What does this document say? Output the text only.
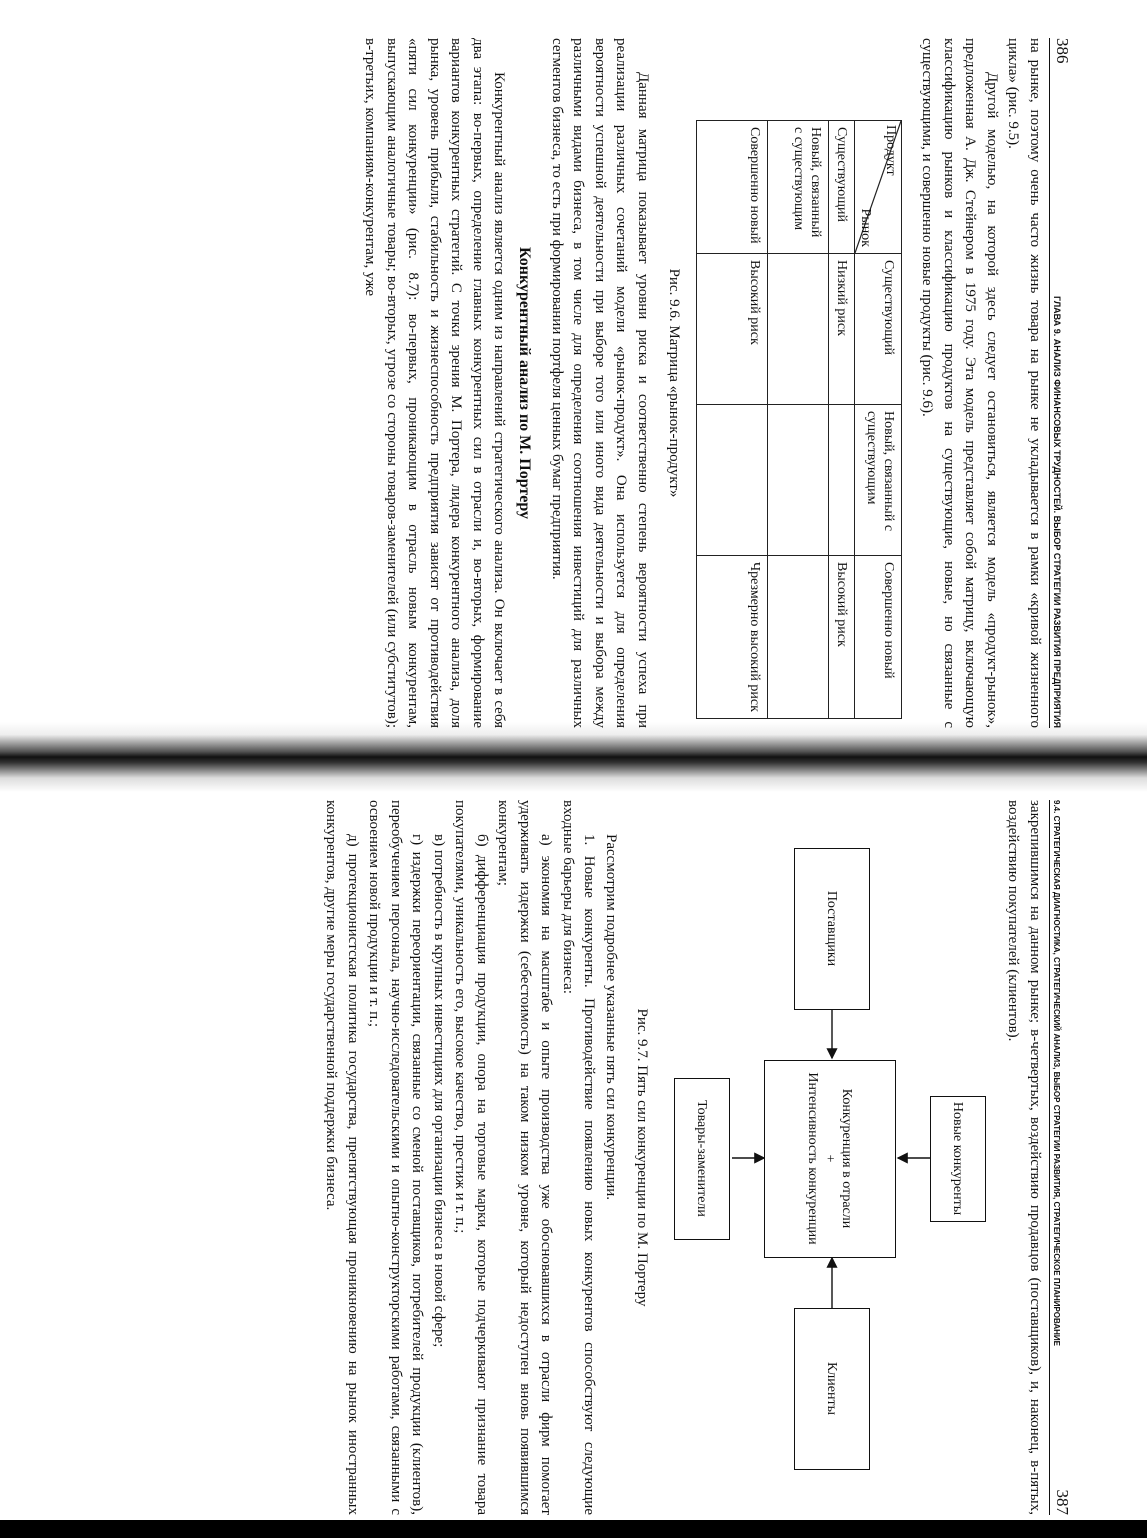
386
ГЛАВА 9. АНАЛИЗ ФИНАНСОВЫХ ТРУДНОСТЕЙ. ВЫБОР СТРАТЕГИИ РАЗВИТИЯ ПРЕДПРИЯТИЯ

на рынке, поэтому очень часто жизнь товара на рынке не укладывается в рамки «кривой жизненного цикла» (рис. 9.5).

Другой моделью, на которой здесь следует остановиться, является модель «продукт-рынок», предложенная А. Дж. Стейнером в 1975 году. Эта модель представляет собой матрицу, включающую классификацию рынков и классификацию продуктов на существующие, новые, но связанные с существующими, и совершенно новые продукты (рис. 9.6).

Продукт
Рынок	Существующий	Новый, связанный с существующим	Совершенно новый
Существующий	Низкий риск		Высокий риск
Новый, связанный с существующим			
Совершенно новый	Высокий риск		Чрезмерно высокий риск
Рис. 9.6. Матрица «рынок-продукт»

Данная матрица показывает уровни риска и соответственно степень вероятности успеха при реализации различных сочетаний модели «рынок-продукт». Она используется для определения вероятности успешной деятельности при выборе того или иного вида деятельности и выбора между различными видами бизнеса, в том числе для определения соотношения инвестиций для различных сегментов бизнеса, то есть при формировании портфеля ценных бумаг предприятия.

Конкурентный анализ по М. Портеру

Конкурентный анализ является одним из направлений стратегического анализа. Он включает в себя два этапа: во-первых, определение главных конкурентных сил в отрасли и, во-вторых, формирование вариантов конкурентных стратегий. С точки зрения М. Портера, лидера конкурентного анализа, доля рынка, уровень прибыли, стабильность и жизнеспособность предприятия зависят от противодействия «пяти сил конкуренции» (рис. 8.7): во-первых, проникающим в отрасль новым конкурентам, выпускающим аналогичные товары; во-вторых, угрозе со стороны товаров-заменителей (или субститутов); в-третьих, компаниям-конкурентам, уже

9.4. СТРАТЕГИЧЕСКАЯ ДИАГНОСТИКА, СТРАТЕГИЧЕСКИЙ АНАЛИЗ, ВЫБОР СТРАТЕГИИ РАЗВИТИЯ, СТРАТЕГИЧЕСКОЕ ПЛАНИРОВАНИЕ
387

закрепившимся на данном рынке; в-четвертых, воздействию продавцов (поставщиков), и, наконец, в-пятых, воздействию покупателей (клиентов).

Новые конкуренты
Конкуренция в отрасли
+
Интенсивность конкуренции
Поставщики
Клиенты
Товары-заменители
Рис. 9.7. Пять сил конкуренции по М. Портеру

Рассмотрим подробнее указанные пять сил конкуренции.

1. Новые конкуренты. Противодействие появлению новых конкурентов способствуют следующие входные барьеры для бизнеса:

а) экономия на масштабе и опыте производства уже обосновавшихся в отрасли фирм помогает удерживать издержки (себестоимость) на таком низком уровне, который недоступен вновь появившимся конкурентам;

б) дифференциация продукции, опора на торговые марки, которые подчеркивают признание товара покупателями, уникальность его, высокое качество, престиж и т. п.;

в) потребность в крупных инвестициях для организации бизнеса в новой сфере;

г) издержки переориентации, связанные со сменой поставщиков, потребителей продукции (клиентов), переобучением персонала, научно-исследовательскими и опытно-конструкторскими работами, связанными с освоением новой продукции и т. п.;

д) протекционистская политика государства, препятствующая проникновению на рынок иностранных конкурентов, другие меры государственной поддержки бизнеса.
